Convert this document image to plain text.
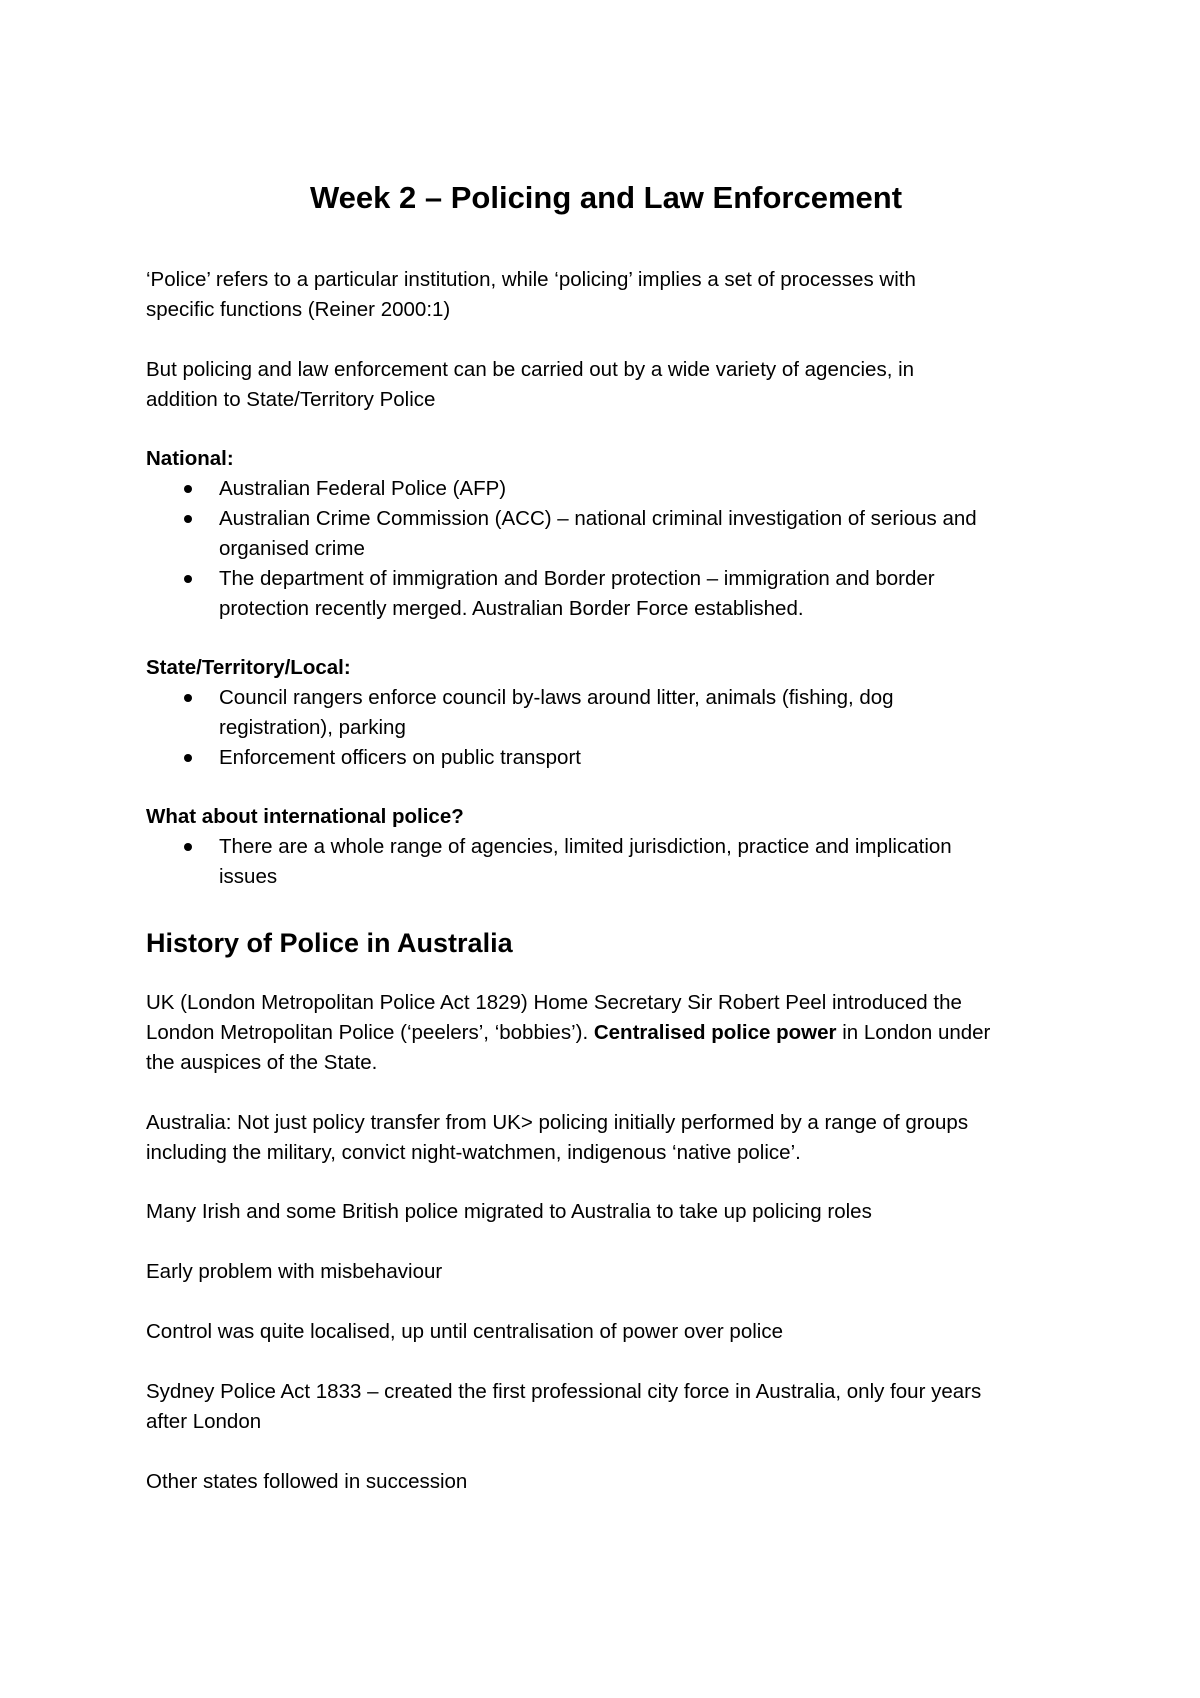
Week 2 – Policing and Law Enforcement
‘Police’ refers to a particular institution, while ‘policing’ implies a set of processes with
specific functions (Reiner 2000:1)
But policing and law enforcement can be carried out by a wide variety of agencies, in
addition to State/Territory Police
National:
Australian Federal Police (AFP)
Australian Crime Commission (ACC) – national criminal investigation of serious and
organised crime
The department of immigration and Border protection – immigration and border
protection recently merged. Australian Border Force established.
State/Territory/Local:
Council rangers enforce council by-laws around litter, animals (fishing, dog
registration), parking
Enforcement officers on public transport
What about international police?
There are a whole range of agencies, limited jurisdiction, practice and implication
issues
History of Police in Australia
UK (London Metropolitan Police Act 1829) Home Secretary Sir Robert Peel introduced the
London Metropolitan Police (‘peelers’, ‘bobbies’). Centralised police power in London under
the auspices of the State.
Australia: Not just policy transfer from UK> policing initially performed by a range of groups
including the military, convict night-watchmen, indigenous ‘native police’.
Many Irish and some British police migrated to Australia to take up policing roles
Early problem with misbehaviour
Control was quite localised, up until centralisation of power over police
Sydney Police Act 1833 – created the first professional city force in Australia, only four years
after London
Other states followed in succession
